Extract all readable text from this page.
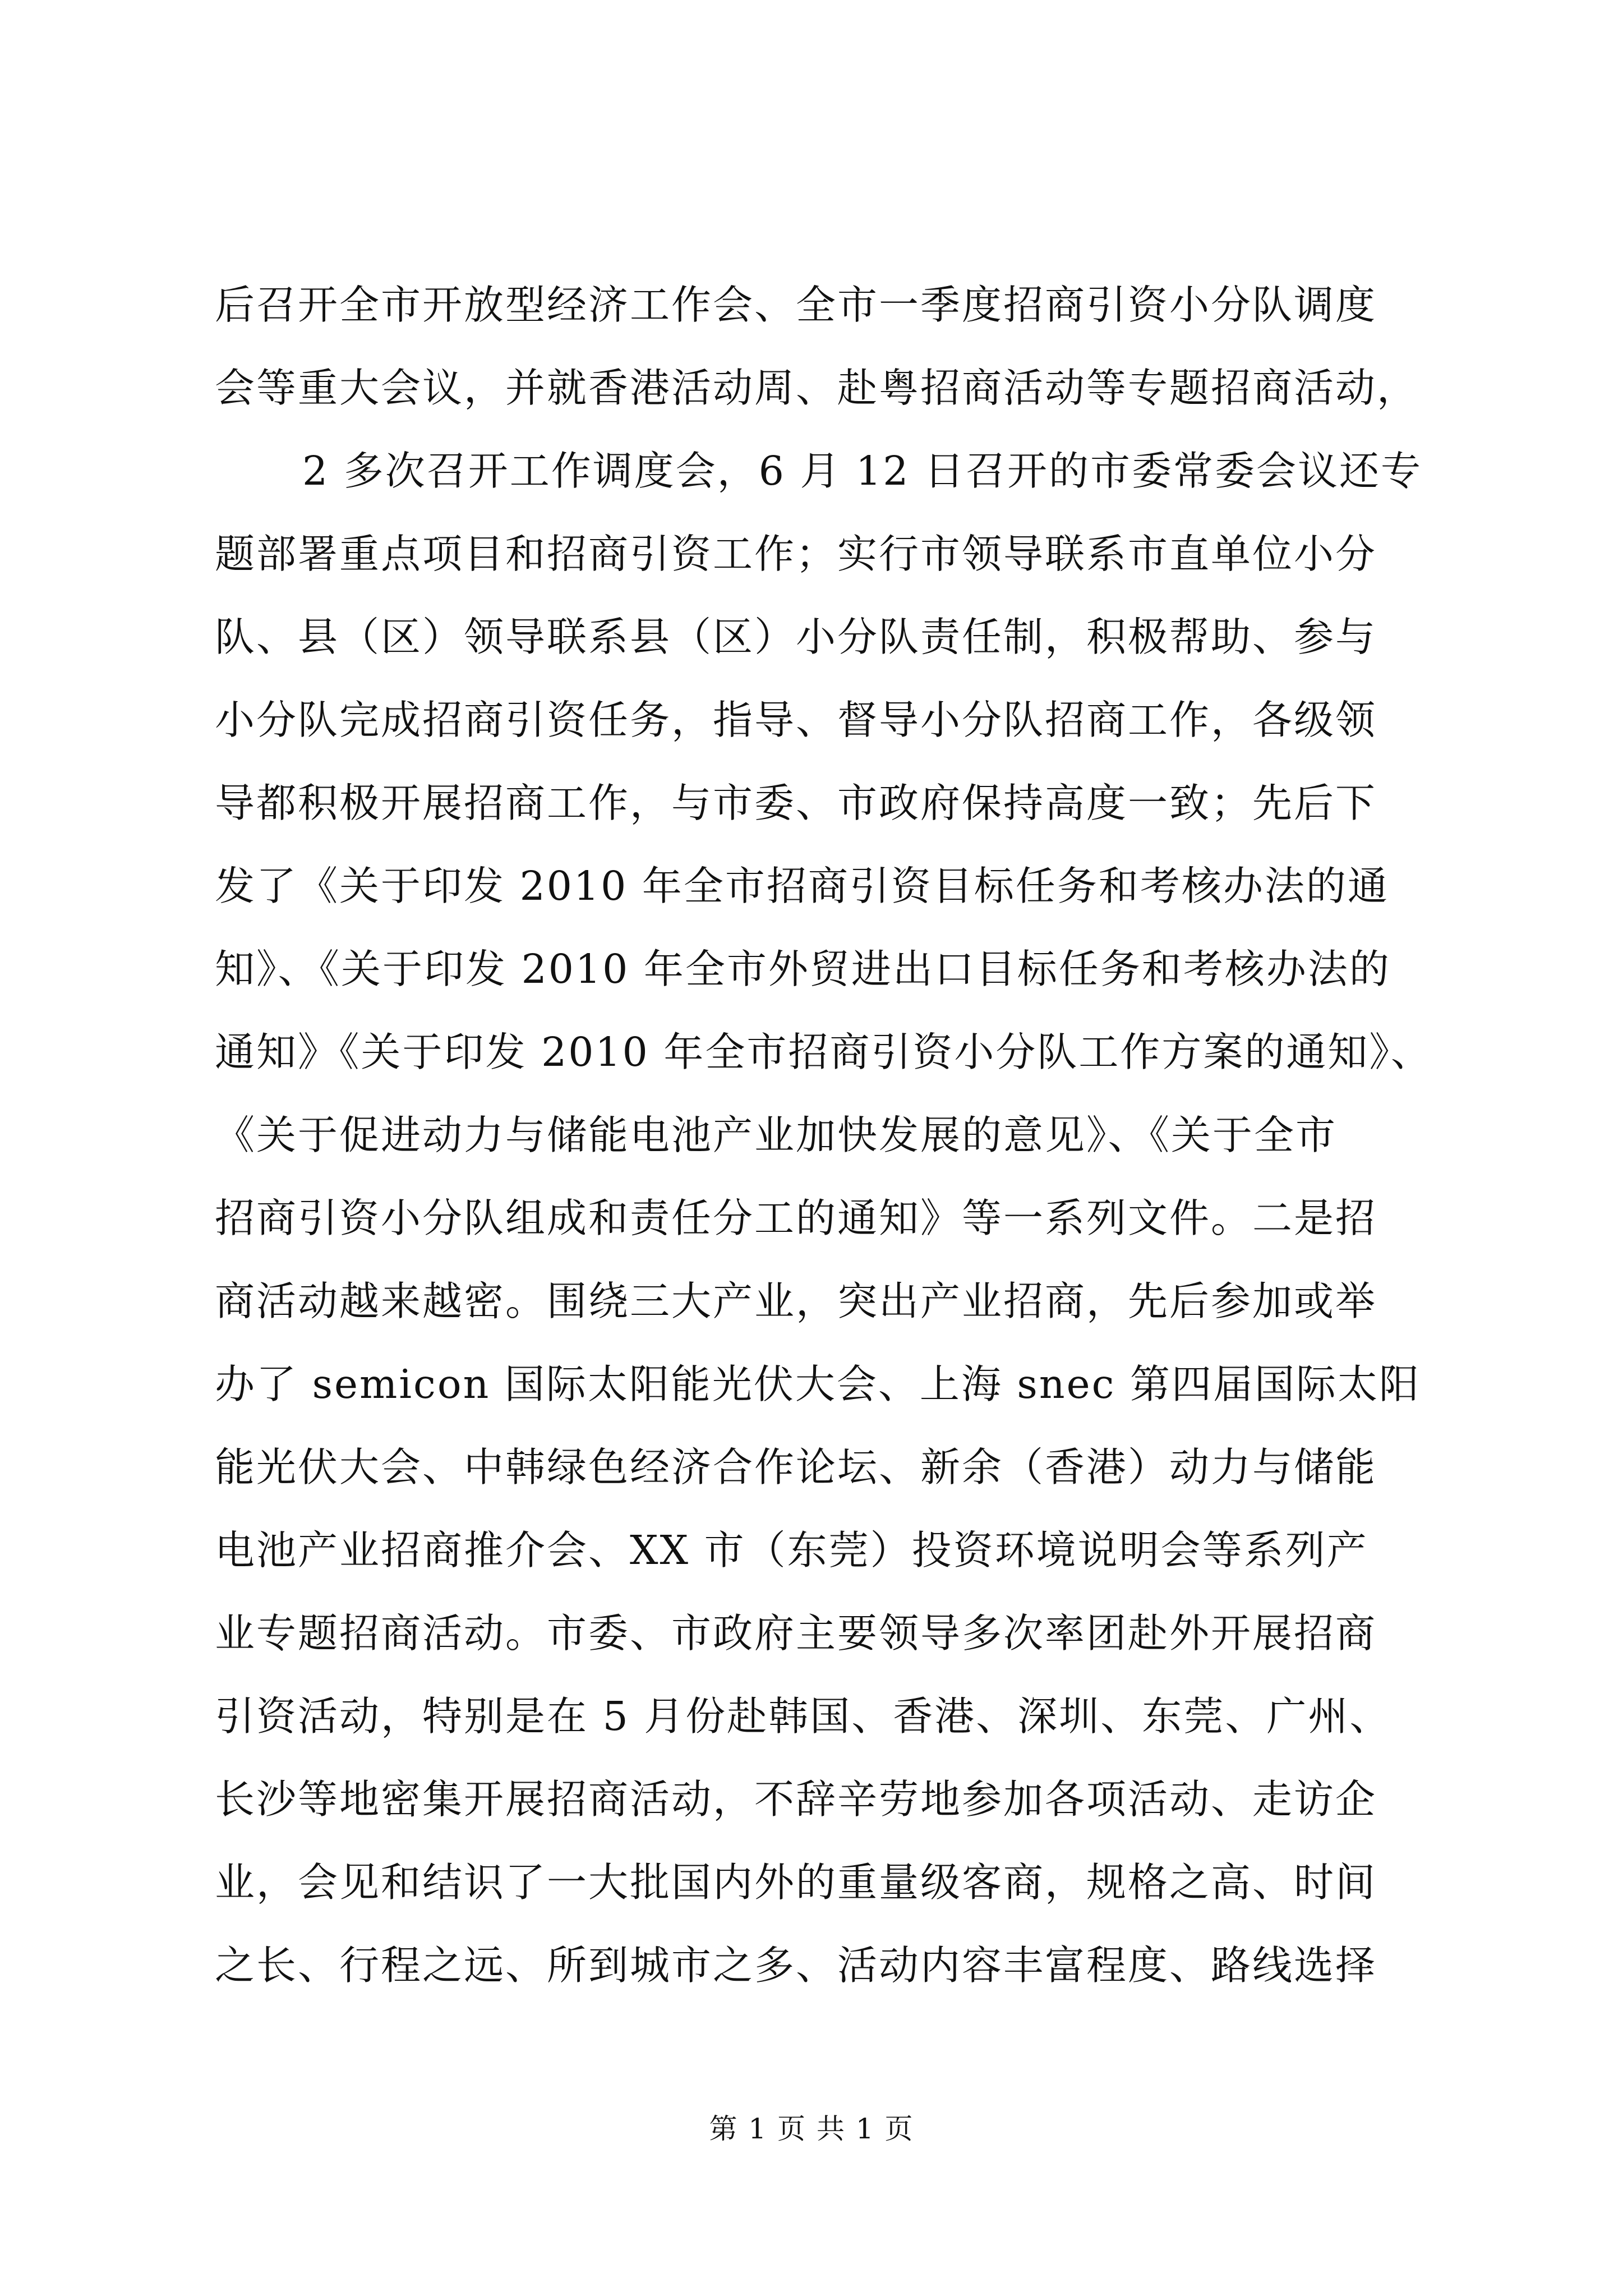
后召开全市开放型经济工作会、全市一季度招商引资小分队调度
会等重大会议，并就香港活动周、赴粤招商活动等专题招商活动，
2 多次召开工作调度会，6 月 12 日召开的市委常委会议还专
题部署重点项目和招商引资工作；实行市领导联系市直单位小分
队、县（区）领导联系县（区）小分队责任制，积极帮助、参与
小分队完成招商引资任务，指导、督导小分队招商工作，各级领
导都积极开展招商工作，与市委、市政府保持高度一致；先后下
发了《关于印发 2010 年全市招商引资目标任务和考核办法的通
知》、《关于印发 2010 年全市外贸进出口目标任务和考核办法的
通知》《关于印发 2010 年全市招商引资小分队工作方案的通知》、
《关于促进动力与储能电池产业加快发展的意见》、《关于全市
招商引资小分队组成和责任分工的通知》等一系列文件。二是招
商活动越来越密。围绕三大产业，突出产业招商，先后参加或举
办了 semicon 国际太阳能光伏大会、上海 snec 第四届国际太阳
能光伏大会、中韩绿色经济合作论坛、新余（香港）动力与储能
电池产业招商推介会、XX 市（东莞）投资环境说明会等系列产
业专题招商活动。市委、市政府主要领导多次率团赴外开展招商
引资活动，特别是在 5 月份赴韩国、香港、深圳、东莞、广州、
长沙等地密集开展招商活动，不辞辛劳地参加各项活动、走访企
业，会见和结识了一大批国内外的重量级客商，规格之高、时间
之长、行程之远、所到城市之多、活动内容丰富程度、路线选择
第 1 页 共 1 页
